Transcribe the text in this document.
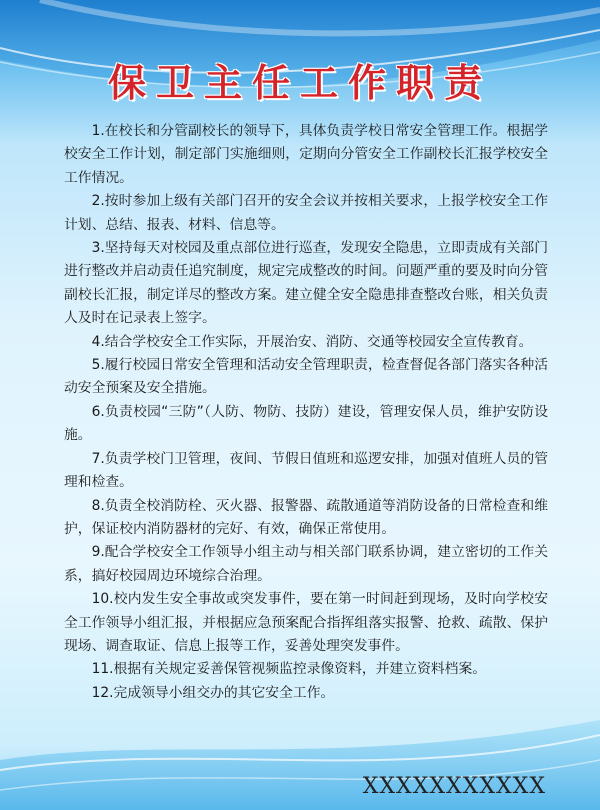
保卫主任工作职责

1.在校长和分管副校长的领导下，具体负责学校日常安全管理工作。根据学校安全工作计划，制定部门实施细则，定期向分管安全工作副校长汇报学校安全工作情况。

2.按时参加上级有关部门召开的安全会议并按相关要求，上报学校安全工作计划、总结、报表、材料、信息等。

3.坚持每天对校园及重点部位进行巡查，发现安全隐患，立即责成有关部门进行整改并启动责任追究制度，规定完成整改的时间。问题严重的要及时向分管副校长汇报，制定详尽的整改方案。建立健全安全隐患排查整改台账，相关负责人及时在记录表上签字。

4.结合学校安全工作实际，开展治安、消防、交通等校园安全宣传教育。

5.履行校园日常安全管理和活动安全管理职责，检查督促各部门落实各种活动安全预案及安全措施。

6.负责校园“三防”（人防、物防、技防）建设，管理安保人员，维护安防设施。

7.负责学校门卫管理，夜间、节假日值班和巡逻安排，加强对值班人员的管理和检查。

8.负责全校消防栓、灭火器、报警器、疏散通道等消防设备的日常检查和维护，保证校内消防器材的完好、有效，确保正常使用。

9.配合学校安全工作领导小组主动与相关部门联系协调，建立密切的工作关系，搞好校园周边环境综合治理。

10.校内发生安全事故或突发事件，要在第一时间赶到现场，及时向学校安全工作领导小组汇报，并根据应急预案配合指挥组落实报警、抢救、疏散、保护现场、调查取证、信息上报等工作，妥善处理突发事件。

11.根据有关规定妥善保管视频监控录像资料，并建立资料档案。

12.完成领导小组交办的其它安全工作。

XXXXXXXXXXX
